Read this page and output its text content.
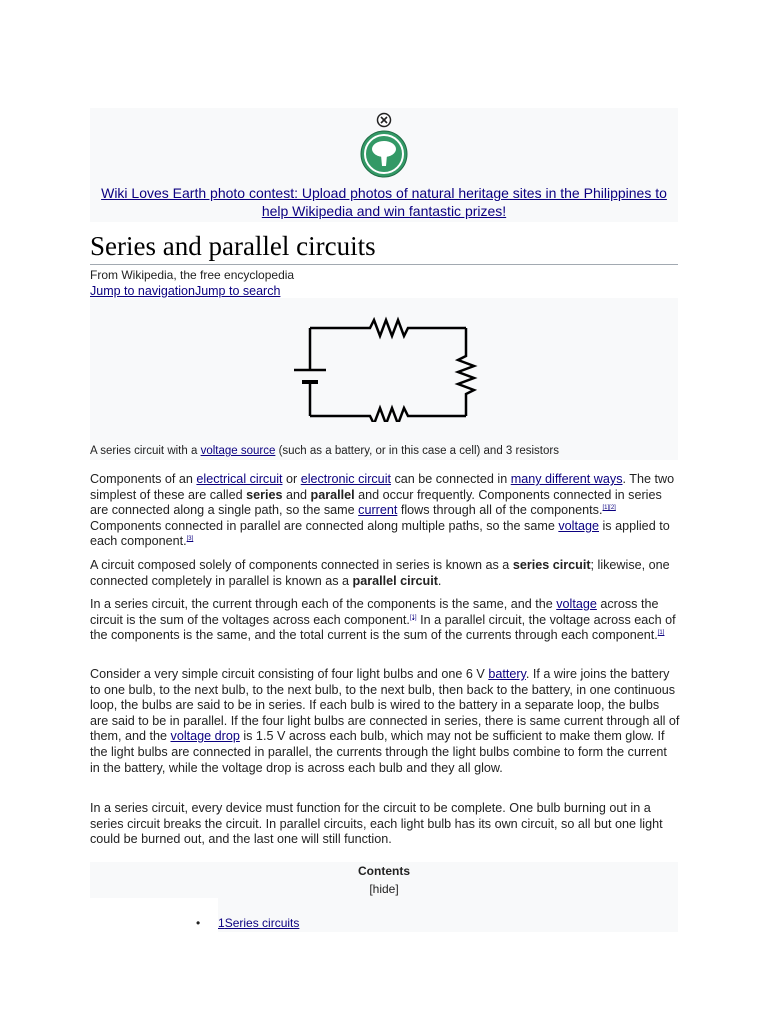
Wiki Loves Earth photo contest: Upload photos of natural heritage sites in the Philippines to help Wikipedia and win fantastic prizes!
Series and parallel circuits
From Wikipedia, the free encyclopedia
Jump to navigationJump to search
A series circuit with a voltage source (such as a battery, or in this case a cell) and 3 resistors

Components of an electrical circuit or electronic circuit can be connected in many different ways. The two simplest of these are called series and parallel and occur frequently. Components connected in series are connected along a single path, so the same current flows through all of the components.[1][2] Components connected in parallel are connected along multiple paths, so the same voltage is applied to each component.[3]

A circuit composed solely of components connected in series is known as a series circuit; likewise, one connected completely in parallel is known as a parallel circuit.

In a series circuit, the current through each of the components is the same, and the voltage across the circuit is the sum of the voltages across each component.[1] In a parallel circuit, the voltage across each of the components is the same, and the total current is the sum of the currents through each component.[1]

Consider a very simple circuit consisting of four light bulbs and one 6 V battery. If a wire joins the battery to one bulb, to the next bulb, to the next bulb, to the next bulb, then back to the battery, in one continuous loop, the bulbs are said to be in series. If each bulb is wired to the battery in a separate loop, the bulbs are said to be in parallel. If the four light bulbs are connected in series, there is same current through all of them, and the voltage drop is 1.5 V across each bulb, which may not be sufficient to make them glow. If the light bulbs are connected in parallel, the currents through the light bulbs combine to form the current in the battery, while the voltage drop is across each bulb and they all glow.

In a series circuit, every device must function for the circuit to be complete. One bulb burning out in a series circuit breaks the circuit. In parallel circuits, each light bulb has its own circuit, so all but one light could be burned out, and the last one will still function.

Contents
[hide]
• 1Series circuits
